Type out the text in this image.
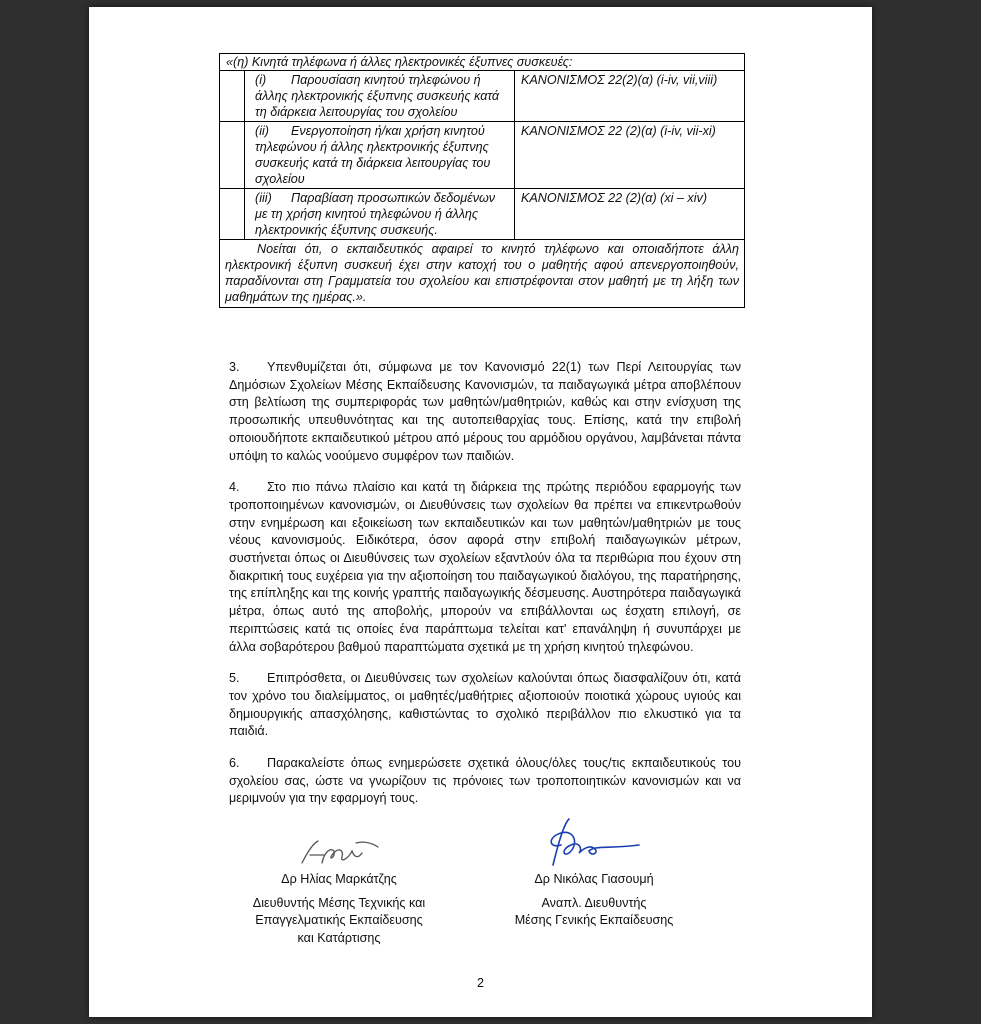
«(η) Κινητά τηλέφωνα ή άλλες ηλεκτρονικές έξυπνες συσκευές:		
	(i) Παρουσίαση κινητού τηλεφώνου ή άλλης ηλεκτρονικής έξυπνης συσκευής κατά τη διάρκεια λειτουργίας του σχολείου	ΚΑΝΟΝΙΣΜΟΣ 22(2)(α) (i-iv, vii,viii)
	(ii) Ενεργοποίηση ή/και χρήση κινητού τηλεφώνου ή άλλης ηλεκτρονικής έξυπνης συσκευής κατά τη διάρκεια λειτουργίας του σχολείου	ΚΑΝΟΝΙΣΜΟΣ 22 (2)(α) (i-iv, vii-xi)
	(iii) Παραβίαση προσωπικών δεδομένων με τη χρήση κινητού τηλεφώνου ή άλλης ηλεκτρονικής έξυπνης συσκευής.	ΚΑΝΟΝΙΣΜΟΣ 22 (2)(α) (xi – xiv)
Νοείται ότι, ο εκπαιδευτικός αφαιρεί το κινητό τηλέφωνο και οποιαδήποτε άλλη ηλεκτρονική έξυπνη συσκευή έχει στην κατοχή του ο μαθητής αφού απενεργοποιηθούν, παραδίνονται στη Γραμματεία του σχολείου και επιστρέφονται στον μαθητή με τη λήξη των μαθημάτων της ημέρας.».		

3. Υπενθυμίζεται ότι, σύμφωνα με τον Κανονισμό 22(1) των Περί Λειτουργίας των Δημόσιων Σχολείων Μέσης Εκπαίδευσης Κανονισμών, τα παιδαγωγικά μέτρα αποβλέπουν στη βελτίωση της συμπεριφοράς των μαθητών/μαθητριών, καθώς και στην ενίσχυση της προσωπικής υπευθυνότητας και της αυτοπειθαρχίας τους. Επίσης, κατά την επιβολή οποιουδήποτε εκπαιδευτικού μέτρου από μέρους του αρμόδιου οργάνου, λαμβάνεται πάντα υπόψη το καλώς νοούμενο συμφέρον των παιδιών.

4. Στο πιο πάνω πλαίσιο και κατά τη διάρκεια της πρώτης περιόδου εφαρμογής των τροποποιημένων κανονισμών, οι Διευθύνσεις των σχολείων θα πρέπει να επικεντρωθούν στην ενημέρωση και εξοικείωση των εκπαιδευτικών και των μαθητών/μαθητριών με τους νέους κανονισμούς. Ειδικότερα, όσον αφορά στην επιβολή παιδαγωγικών μέτρων, συστήνεται όπως οι Διευθύνσεις των σχολείων εξαντλούν όλα τα περιθώρια που έχουν στη διακριτική τους ευχέρεια για την αξιοποίηση του παιδαγωγικού διαλόγου, της παρατήρησης, της επίπληξης και της κοινής γραπτής παιδαγωγικής δέσμευσης. Αυστηρότερα παιδαγωγικά μέτρα, όπως αυτό της αποβολής, μπορούν να επιβάλλονται ως έσχατη επιλογή, σε περιπτώσεις κατά τις οποίες ένα παράπτωμα τελείται κατ' επανάληψη ή συνυπάρχει με άλλα σοβαρότερου βαθμού παραπτώματα σχετικά με τη χρήση κινητού τηλεφώνου.

5. Επιπρόσθετα, οι Διευθύνσεις των σχολείων καλούνται όπως διασφαλίζουν ότι, κατά τον χρόνο του διαλείμματος, οι μαθητές/μαθήτριες αξιοποιούν ποιοτικά χώρους υγιούς και δημιουργικής απασχόλησης, καθιστώντας το σχολικό περιβάλλον πιο ελκυστικό για τα παιδιά.

6. Παρακαλείστε όπως ενημερώσετε σχετικά όλους/όλες τους/τις εκπαιδευτικούς του σχολείου σας, ώστε να γνωρίζουν τις πρόνοιες των τροποποιητικών κανονισμών και να μεριμνούν για την εφαρμογή τους.

Δρ Ηλίας Μαρκάτζης
Διευθυντής Μέσης Τεχνικής και
Επαγγελματικής Εκπαίδευσης
και Κατάρτισης
Δρ Νικόλας Γιασουμή
Αναπλ. Διευθυντής
Μέσης Γενικής Εκπαίδευσης
2
